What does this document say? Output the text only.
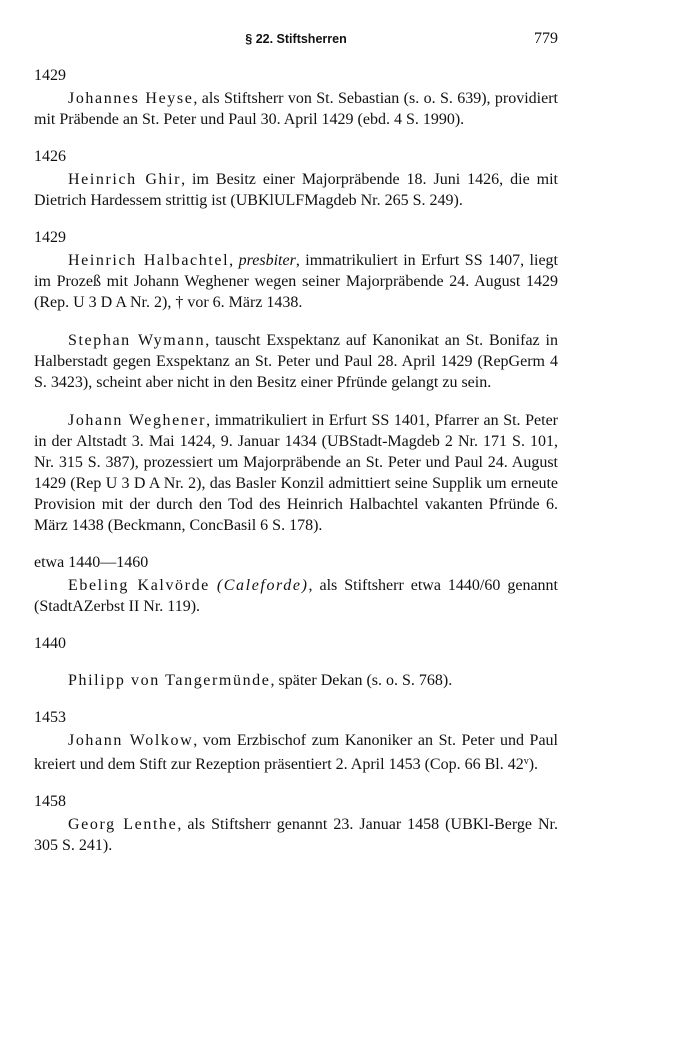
§ 22. Stiftsherren	779
1429

Johannes Heyse, als Stiftsherr von St. Sebastian (s. o. S. 639), providiert mit Präbende an St. Peter und Paul 30. April 1429 (ebd. 4 S. 1990).

1426

Heinrich Ghir, im Besitz einer Majorpräbende 18. Juni 1426, die mit Dietrich Hardessem strittig ist (UBKlULFMagdeb Nr. 265 S. 249).

1429

Heinrich Halbachtel, presbiter, immatrikuliert in Erfurt SS 1407, liegt im Prozeß mit Johann Weghener wegen seiner Majorpräbende 24. August 1429 (Rep. U 3 D A Nr. 2), † vor 6. März 1438.

Stephan Wymann, tauscht Exspektanz auf Kanonikat an St. Bonifaz in Halberstadt gegen Exspektanz an St. Peter und Paul 28. April 1429 (RepGerm 4 S. 3423), scheint aber nicht in den Besitz einer Pfründe gelangt zu sein.

Johann Weghener, immatrikuliert in Erfurt SS 1401, Pfarrer an St. Peter in der Altstadt 3. Mai 1424, 9. Januar 1434 (UBStadt-Magdeb 2 Nr. 171 S. 101, Nr. 315 S. 387), prozessiert um Majorpräbende an St. Peter und Paul 24. August 1429 (Rep U 3 D A Nr. 2), das Basler Konzil admittiert seine Supplik um erneute Provision mit der durch den Tod des Heinrich Halbachtel vakanten Pfründe 6. März 1438 (Beckmann, ConcBasil 6 S. 178).

etwa 1440—1460

Ebeling Kalvörde (Caleforde), als Stiftsherr etwa 1440/60 genannt (StadtAZerbst II Nr. 119).

1440

Philipp von Tangermünde, später Dekan (s. o. S. 768).

1453

Johann Wolkow, vom Erzbischof zum Kanoniker an St. Peter und Paul kreiert und dem Stift zur Rezeption präsentiert 2. April 1453 (Cop. 66 Bl. 42$^v$).

1458

Georg Lenthe, als Stiftsherr genannt 23. Januar 1458 (UBKl-Berge Nr. 305 S. 241).
